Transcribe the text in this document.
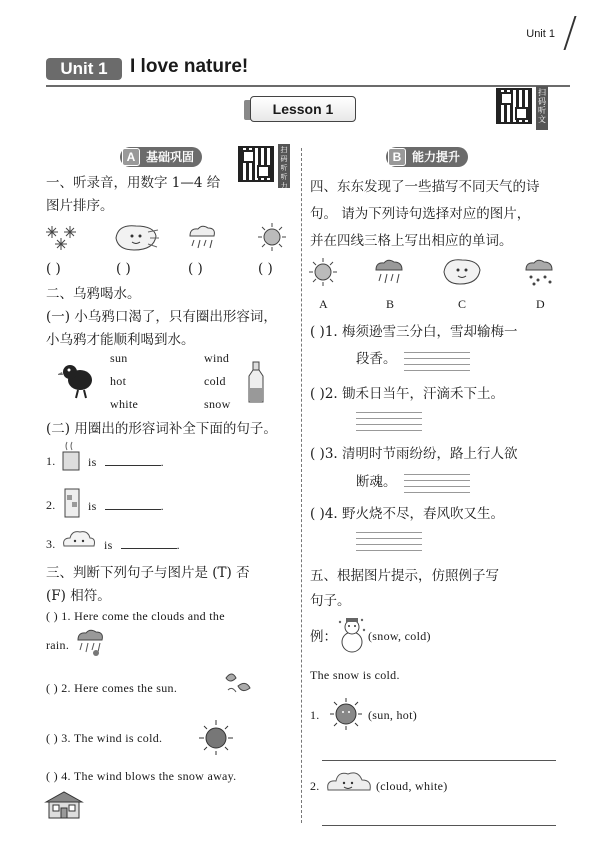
Unit 1
Unit 1	I love nature!
Lesson 1
扫码听文
A 基础巩固	扫码听听力
B 能力提升
一、听录音，用数字 1—4 给
图片排序。
( )	( )	( )	( )
二、乌鸦喝水。
(一) 小乌鸦口渴了，只有圈出形容词，
小乌鸦才能顺利喝到水。
sun	wind
hot	cold
white	snow
(二) 用圈出的形容词补全下面的句子。
1.	is	.
2.	is	.
3.	is	.
三、判断下列句子与图片是 (T) 否
(F) 相符。
( ) 1. Here come the clouds and the
rain.
( ) 2. Here comes the sun.
( ) 3. The wind is cold.
( ) 4. The wind blows the snow away.
四、东东发现了一些描写不同天气的诗
句。 请为下列诗句选择对应的图片，
并在四线三格上写出相应的单词。
A	B	C	D
( )1. 梅须逊雪三分白，雪却输梅一
段香。
( )2. 锄禾日当午，汗滴禾下土。
( )3. 清明时节雨纷纷，路上行人欲
断魂。
( )4. 野火烧不尽，春风吹又生。
五、根据图片提示，仿照例子写
句子。
例：	(snow, cold)
The snow is cold.
1.	(sun, hot)
2.	(cloud, white)
